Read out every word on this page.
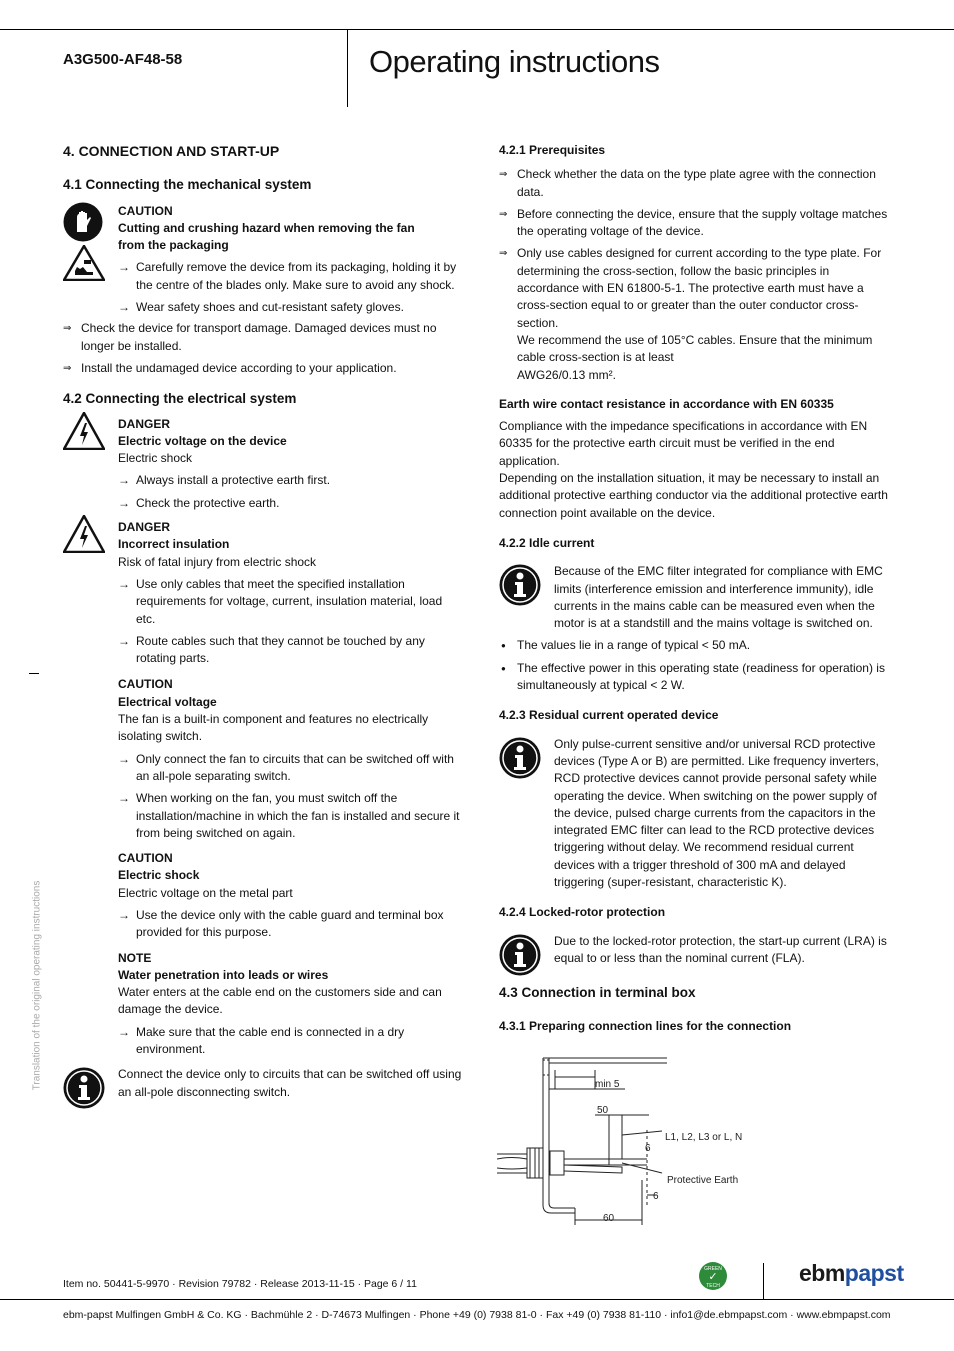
A3G500-AF48-58	Operating instructions
Translation of the original operating instructions

4. CONNECTION AND START-UP

4.1 Connecting the mechanical system

CAUTION

Cutting and crushing hazard when removing the fan from the packaging

→ Carefully remove the device from its packaging, holding it by the centre of the blades only. Make sure to avoid any shock.

→ Wear safety shoes and cut-resistant safety gloves.

⇒ Check the device for transport damage. Damaged devices must no longer be installed.

⇒ Install the undamaged device according to your application.

4.2 Connecting the electrical system

DANGER

Electric voltage on the device

Electric shock

→ Always install a protective earth first.

→ Check the protective earth.

DANGER

Incorrect insulation

Risk of fatal injury from electric shock

→ Use only cables that meet the specified installation requirements for voltage, current, insulation material, load etc.

→ Route cables such that they cannot be touched by any rotating parts.

CAUTION

Electrical voltage

The fan is a built-in component and features no electrically isolating switch.

→ Only connect the fan to circuits that can be switched off with an all-pole separating switch.

→ When working on the fan, you must switch off the installation/machine in which the fan is installed and secure it from being switched on again.

CAUTION

Electric shock

Electric voltage on the metal part

→ Use the device only with the cable guard and terminal box provided for this purpose.

NOTE

Water penetration into leads or wires

Water enters at the cable end on the customers side and can damage the device.

→ Make sure that the cable end is connected in a dry environment.

Connect the device only to circuits that can be switched off using an all-pole disconnecting switch.

4.2.1 Prerequisites

⇒ Check whether the data on the type plate agree with the connection data.

⇒ Before connecting the device, ensure that the supply voltage matches the operating voltage of the device.

⇒ Only use cables designed for current according to the type plate. For determining the cross-section, follow the basic principles in accordance with EN 61800-5-1. The protective earth must have a cross-section equal to or greater than the outer conductor cross-section.

We recommend the use of 105°C cables. Ensure that the minimum cable cross-section is at least

AWG26/0.13 mm².

Earth wire contact resistance in accordance with EN 60335

Compliance with the impedance specifications in accordance with EN 60335 for the protective earth circuit must be verified in the end application.

Depending on the installation situation, it may be necessary to install an additional protective earthing conductor via the additional protective earth connection point available on the device.

4.2.2 Idle current

Because of the EMC filter integrated for compliance with EMC limits (interference emission and interference immunity), idle currents in the mains cable can be measured even when the motor is at a standstill and the mains voltage is switched on.

● The values lie in a range of typical < 50 mA.

● The effective power in this operating state (readiness for operation) is simultaneously at typical < 2 W.

4.2.3 Residual current operated device

Only pulse-current sensitive and/or universal RCD protective devices (Type A or B) are permitted. Like frequency inverters, RCD protective devices cannot provide personal safety while operating the device. When switching on the power supply of the device, pulsed charge currents from the capacitors in the integrated EMC filter can lead to the RCD protective devices triggering without delay. We recommend residual current devices with a trigger threshold of 300 mA and delayed triggering (super-resistant, characteristic K).

4.2.4 Locked-rotor protection

Due to the locked-rotor protection, the start-up current (LRA) is equal to or less than the nominal current (FLA).

4.3 Connection in terminal box

4.3.1 Preparing connection lines for the connection

min 5
50
L1, L2, L3 or L, N
6
Protective Earth
6
60
Item no. 50441-5-9970 · Revision 79782 · Release 2013-11-15 · Page 6 / 11
GREEN
✓
TECH	ebmpapst
ebm-papst Mulfingen GmbH & Co. KG · Bachmühle 2 · D-74673 Mulfingen · Phone +49 (0) 7938 81-0 · Fax +49 (0) 7938 81-110 · info1@de.ebmpapst.com · www.ebmpapst.com
